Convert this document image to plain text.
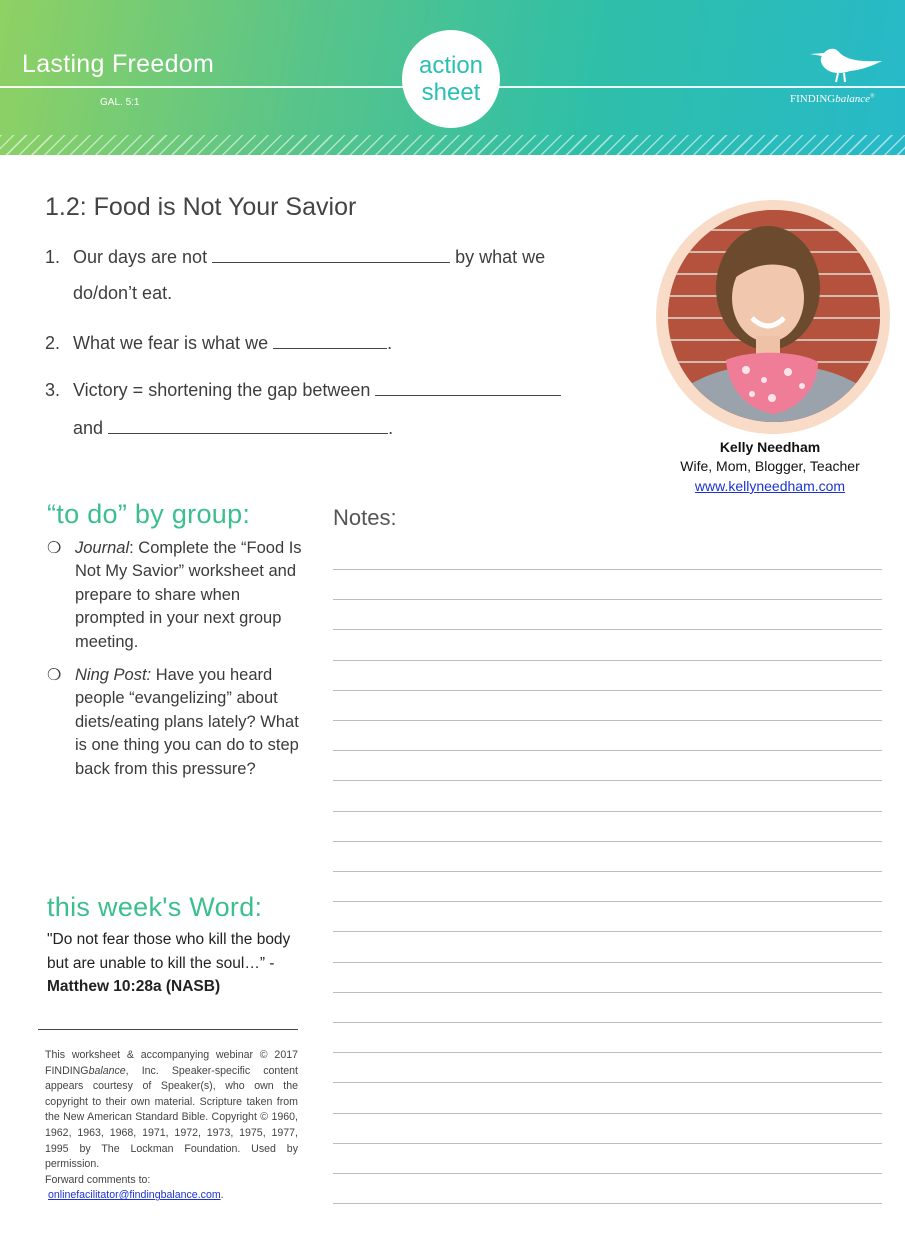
Lasting Freedom
GAL. 5:1
action
sheet	FINDINGbalance®
1.2: Food is Not Your Savior
1. Our days are not	by what we
do/don’t eat.
2. What we fear is what we	.
3. Victory = shortening the gap between
and	.
Kelly Needham
Wife, Mom, Blogger, Teacher
www.kellyneedham.com
“to do” by group:
❍ Journal: Complete the “Food Is Not My Savior” worksheet and prepare to share when prompted in your next group meeting.
❍ Ning Post: Have you heard people “evangelizing” about diets/eating plans lately? What is one thing you can do to step back from this pressure?
Notes:
this week's Word:
"Do not fear those who kill the body but are unable to kill the soul…” - Matthew 10:28a (NASB)
This worksheet & accompanying webinar © 2017 FINDINGbalance, Inc. Speaker-specific content appears courtesy of Speaker(s), who own the copyright to their own material. Scripture taken from the New American Standard Bible. Copyright © 1960, 1962, 1963, 1968, 1971, 1972, 1973, 1975, 1977, 1995 by The Lockman Foundation. Used by permission.
Forward comments to:
onlinefacilitator@findingbalance.com.
